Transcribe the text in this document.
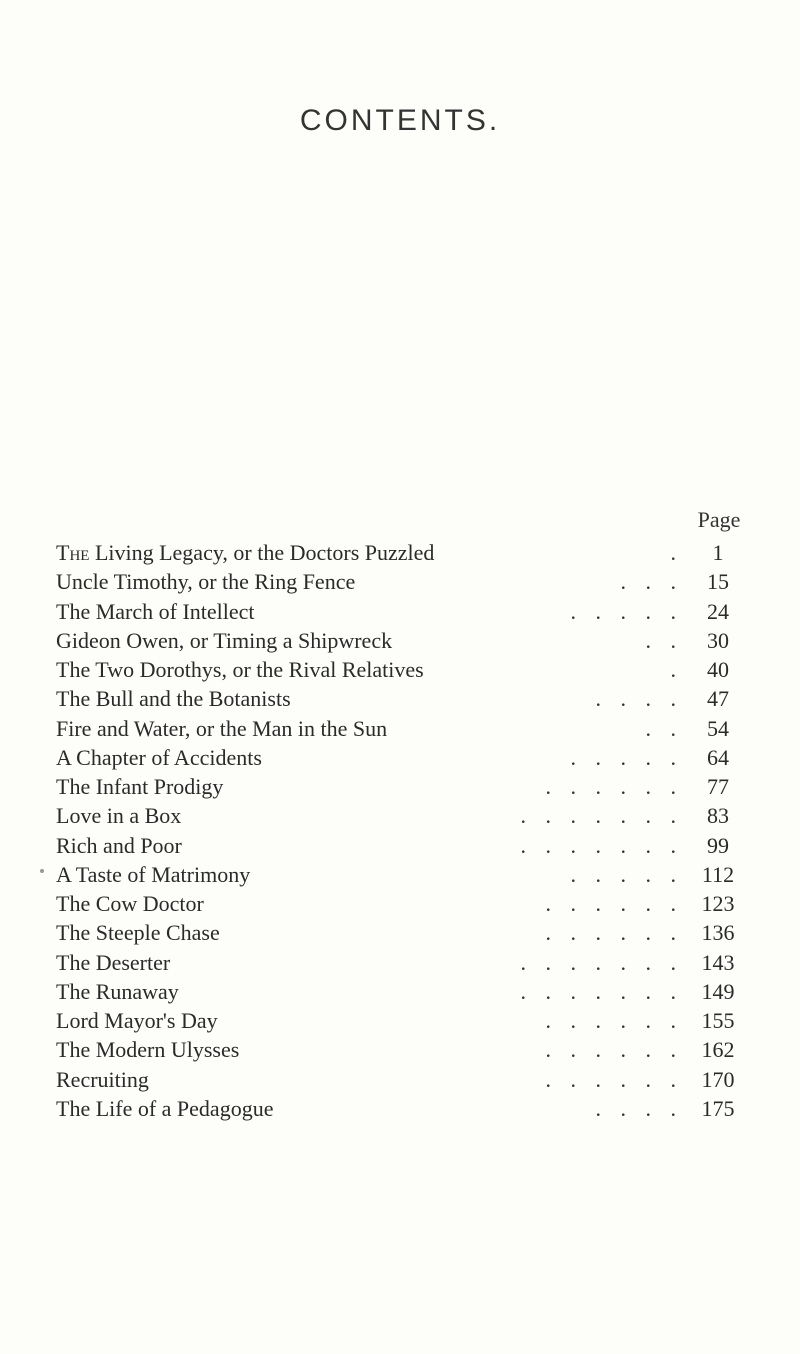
CONTENTS.
Page
The Living Legacy, or the Doctors Puzzled	.	1
Uncle Timothy, or the Ring Fence	. . .	15
The March of Intellect	. . . . .	24
Gideon Owen, or Timing a Shipwreck	. .	30
The Two Dorothys, or the Rival Relatives	.	40
The Bull and the Botanists	. . . .	47
Fire and Water, or the Man in the Sun	. .	54
A Chapter of Accidents	. . . . .	64
The Infant Prodigy	. . . . . .	77
Love in a Box	. . . . . . .	83
Rich and Poor	. . . . . . .	99
A Taste of Matrimony	. . . . .	112
The Cow Doctor	. . . . . .	123
The Steeple Chase	. . . . . .	136
The Deserter	. . . . . . .	143
The Runaway	. . . . . . .	149
Lord Mayor's Day	. . . . . .	155
The Modern Ulysses	. . . . . .	162
Recruiting	. . . . . .	170
The Life of a Pedagogue	. . . .	175
